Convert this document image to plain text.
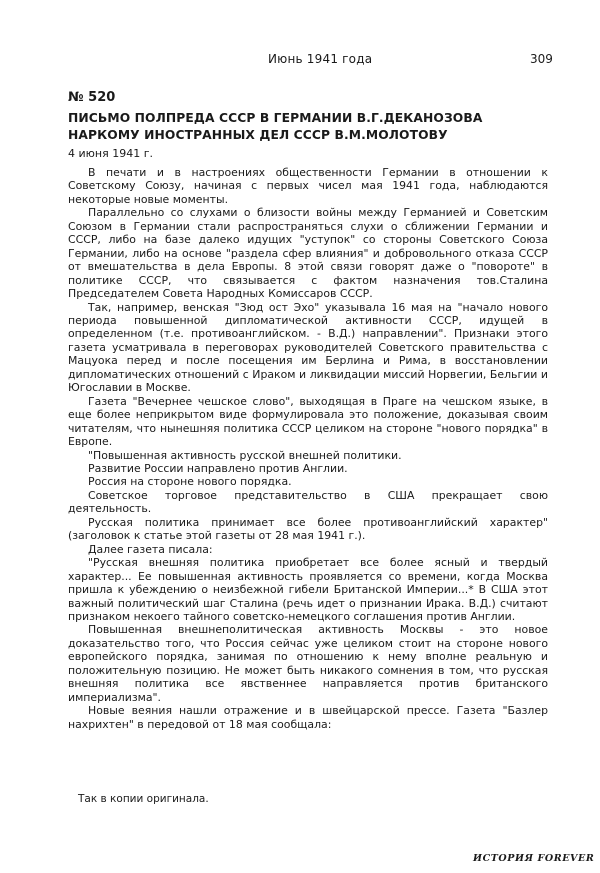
Июнь 1941 года	309
№ 520
ПИСЬМО ПОЛПРЕДА СССР В ГЕРМАНИИ В.Г.ДЕКАНОЗОВА
НАРКОМУ ИНОСТРАННЫХ ДЕЛ СССР В.М.МОЛОТОВУ
4 июня 1941 г.

В печати и в настроениях общественности Германии в отношении к Советскому Союзу, начиная с первых чисел мая 1941 года, наблюдаются некоторые новые моменты.

Параллельно со слухами о близости войны между Германией и Советским Союзом в Германии стали распространяться слухи о сближении Германии и СССР, либо на базе далеко идущих "уступок" со стороны Советского Союза Германии, либо на основе "раздела сфер влияния" и добровольного отказа СССР от вмешательства в дела Европы. 8 этой связи говорят даже о "повороте" в политике СССР, что связывается с фактом назначения тов.Сталина Председателем Совета Народных Комиссаров СССР.

Так, например, венская "Зюд ост Эхо" указывала 16 мая на "начало нового периода повышенной дипломатической активности СССР, идущей в определенном (т.е. противоанглийском. - В.Д.) направлении". Признаки этого газета усматривала в переговорах руководителей Советского правительства с Мацуока перед и после посещения им Берлина и Рима, в восстановлении дипломатических отношений с Ираком и ликвидации миссий Норвегии, Бельгии и Югославии в Москве.

Газета "Вечернее чешское слово", выходящая в Праге на чешском языке, в еще более неприкрытом виде формулировала это положение, доказывая своим читателям, что нынешняя политика СССР целиком на стороне "нового порядка" в Европе.

"Повышенная активность русской внешней политики.

Развитие России направлено против Англии.

Россия на стороне нового порядка.

Советское торговое представительство в США прекращает свою деятельность.

Русская политика принимает все более противоанглийский характер" (заголовок к статье этой газеты от 28 мая 1941 г.).

Далее газета писала:

"Русская внешняя политика приобретает все более ясный и твердый характер... Ее повышенная активность проявляется со времени, когда Москва пришла к убеждению о неизбежной гибели Британской Империи...* В США этот важный политический шаг Сталина (речь идет о признании Ирака. В.Д.) считают признаком некоего тайного советско-немецкого соглашения против Англии.

Повышенная внешнеполитическая активность Москвы - это новое доказательство того, что Россия сейчас уже целиком стоит на стороне нового европейского порядка, занимая по отношению к нему вполне реальную и положительную позицию. Не может быть никакого сомнения в том, что русская внешняя политика все явственнее направляется против британского империализма".

Новые веяния нашли отражение и в швейцарской прессе. Газета "Базлер нахрихтен" в передовой от 18 мая сообщала:

Так в копии оригинала.
ИСТОРИЯ FOREVER
